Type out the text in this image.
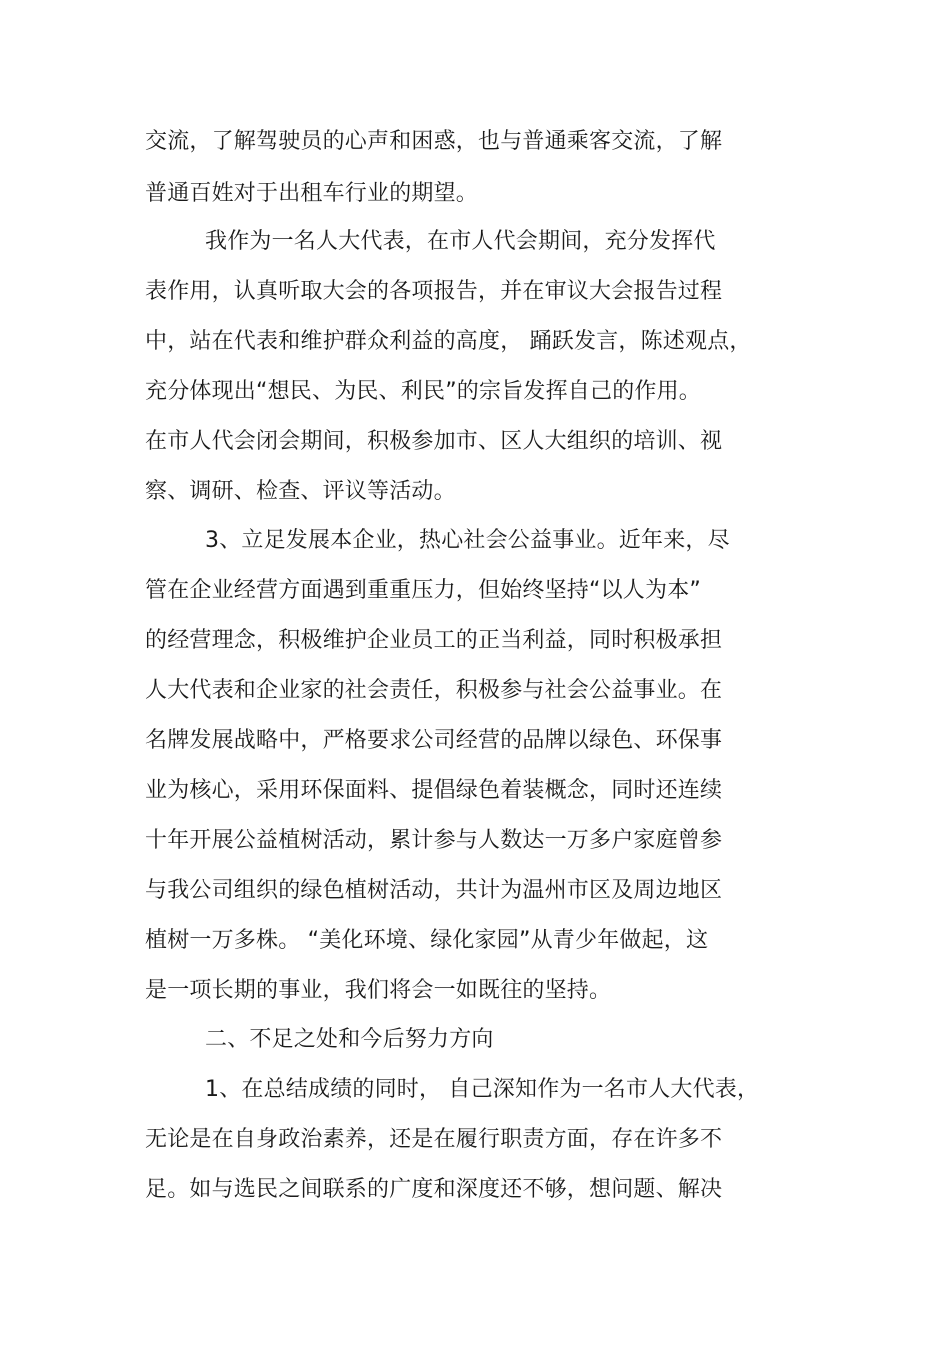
交流，了解驾驶员的心声和困惑，也与普通乘客交流，了解
普通百姓对于出租车行业的期望。
我作为一名人大代表，在市人代会期间，充分发挥代
表作用，认真听取大会的各项报告，并在审议大会报告过程
中，站在代表和维护群众利益的高度， 踊跃发言，陈述观点，
充分体现出“想民、为民、利民”的宗旨发挥自己的作用。
在市人代会闭会期间，积极参加市、区人大组织的培训、视
察、调研、检查、评议等活动。
3、立足发展本企业，热心社会公益事业。近年来，尽
管在企业经营方面遇到重重压力，但始终坚持“以人为本”
的经营理念，积极维护企业员工的正当利益，同时积极承担
人大代表和企业家的社会责任，积极参与社会公益事业。在
名牌发展战略中，严格要求公司经营的品牌以绿色、环保事
业为核心，采用环保面料、提倡绿色着装概念，同时还连续
十年开展公益植树活动，累计参与人数达一万多户家庭曾参
与我公司组织的绿色植树活动，共计为温州市区及周边地区
植树一万多株。 “美化环境、绿化家园”从青少年做起，这
是一项长期的事业，我们将会一如既往的坚持。
二、不足之处和今后努力方向
1、在总结成绩的同时， 自己深知作为一名市人大代表，
无论是在自身政治素养，还是在履行职责方面，存在许多不
足。如与选民之间联系的广度和深度还不够，想问题、解决
